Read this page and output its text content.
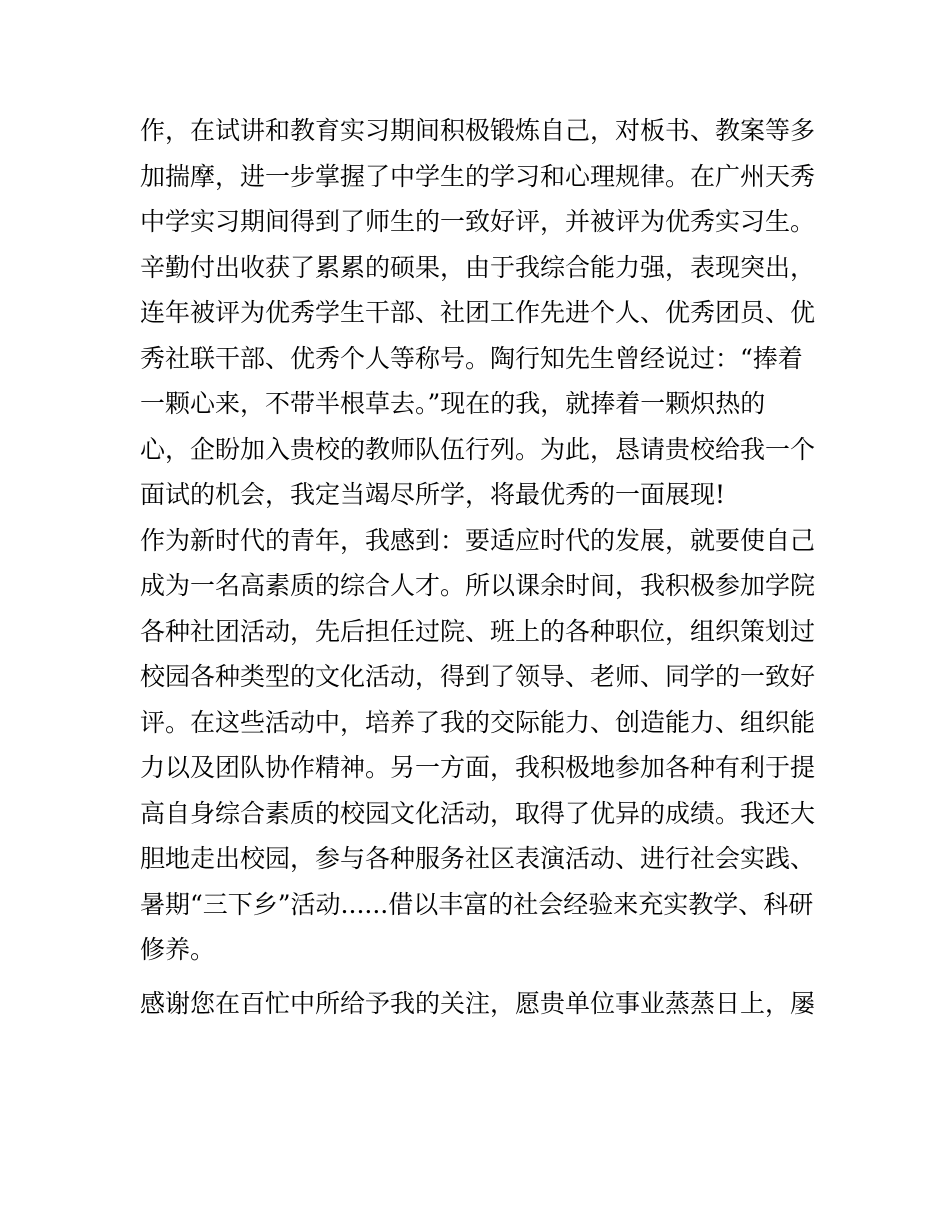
作，在试讲和教育实习期间积极锻炼自己，对板书、教案等多
加揣摩，进一步掌握了中学生的学习和心理规律。在广州天秀
中学实习期间得到了师生的一致好评，并被评为优秀实习生。
辛勤付出收获了累累的硕果，由于我综合能力强，表现突出，
连年被评为优秀学生干部、社团工作先进个人、优秀团员、优
秀社联干部、优秀个人等称号。陶行知先生曾经说过：“捧着
一颗心来，不带半根草去。”现在的我，就捧着一颗炽热的
心，企盼加入贵校的教师队伍行列。为此，恳请贵校给我一个
面试的机会，我定当竭尽所学，将最优秀的一面展现!
作为新时代的青年，我感到：要适应时代的发展，就要使自己
成为一名高素质的综合人才。所以课余时间，我积极参加学院
各种社团活动，先后担任过院、班上的各种职位，组织策划过
校园各种类型的文化活动，得到了领导、老师、同学的一致好
评。在这些活动中，培养了我的交际能力、创造能力、组织能
力以及团队协作精神。另一方面，我积极地参加各种有利于提
高自身综合素质的校园文化活动，取得了优异的成绩。我还大
胆地走出校园，参与各种服务社区表演活动、进行社会实践、
暑期“三下乡”活动......借以丰富的社会经验来充实教学、科研
修养。
感谢您在百忙中所给予我的关注，愿贵单位事业蒸蒸日上，屡
